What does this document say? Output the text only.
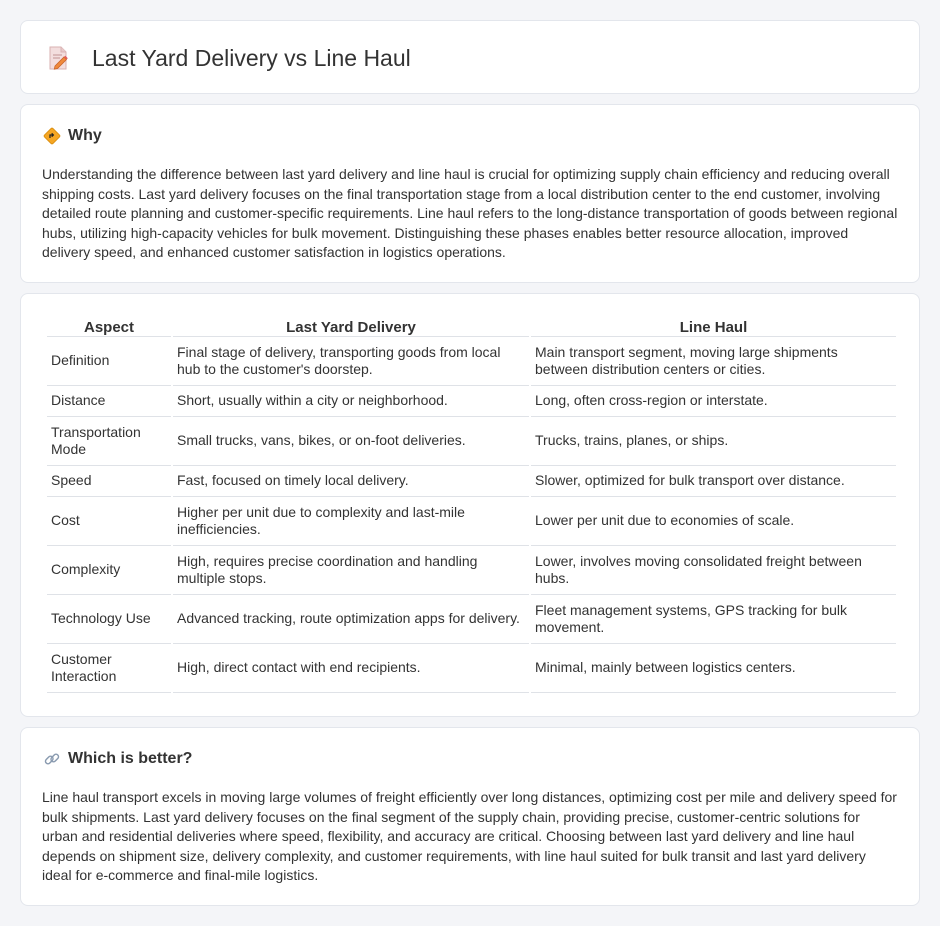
Last Yard Delivery vs Line Haul
Why

Understanding the difference between last yard delivery and line haul is crucial for optimizing supply chain efficiency and reducing overall shipping costs. Last yard delivery focuses on the final transportation stage from a local distribution center to the end customer, involving detailed route planning and customer-specific requirements. Line haul refers to the long-distance transportation of goods between regional hubs, utilizing high-capacity vehicles for bulk movement. Distinguishing these phases enables better resource allocation, improved delivery speed, and enhanced customer satisfaction in logistics operations.

Aspect	Last Yard Delivery	Line Haul
Definition	Final stage of delivery, transporting goods from local hub to the customer's doorstep.	Main transport segment, moving large shipments between distribution centers or cities.
Distance	Short, usually within a city or neighborhood.	Long, often cross-region or interstate.
Transportation Mode	Small trucks, vans, bikes, or on-foot deliveries.	Trucks, trains, planes, or ships.
Speed	Fast, focused on timely local delivery.	Slower, optimized for bulk transport over distance.
Cost	Higher per unit due to complexity and last-mile inefficiencies.	Lower per unit due to economies of scale.
Complexity	High, requires precise coordination and handling multiple stops.	Lower, involves moving consolidated freight between hubs.
Technology Use	Advanced tracking, route optimization apps for delivery.	Fleet management systems, GPS tracking for bulk movement.
Customer Interaction	High, direct contact with end recipients.	Minimal, mainly between logistics centers.
Which is better?

Line haul transport excels in moving large volumes of freight efficiently over long distances, optimizing cost per mile and delivery speed for bulk shipments. Last yard delivery focuses on the final segment of the supply chain, providing precise, customer-centric solutions for urban and residential deliveries where speed, flexibility, and accuracy are critical. Choosing between last yard delivery and line haul depends on shipment size, delivery complexity, and customer requirements, with line haul suited for bulk transit and last yard delivery ideal for e-commerce and final-mile logistics.
